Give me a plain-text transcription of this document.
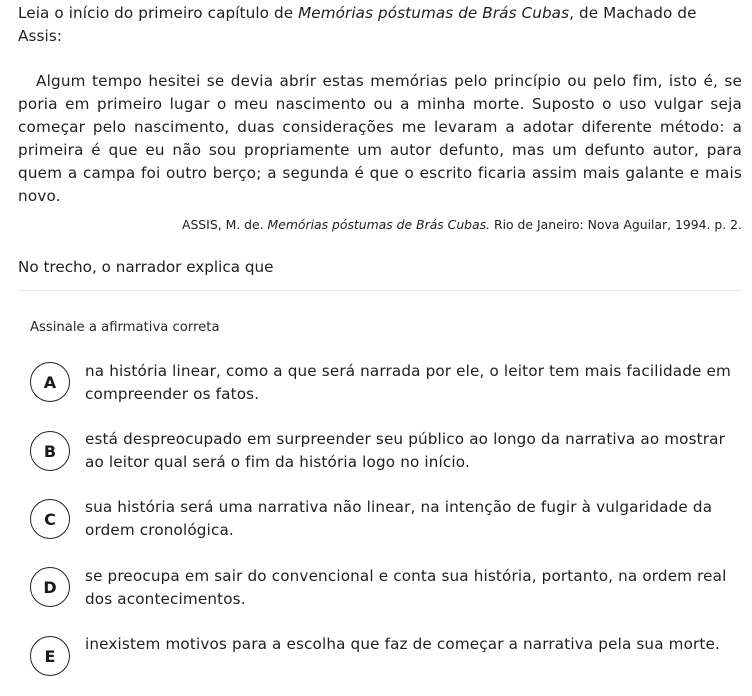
Leia o início do primeiro capítulo de Memórias póstumas de Brás Cubas, de Machado de Assis:

Algum tempo hesitei se devia abrir estas memórias pelo princípio ou pelo fim, isto é, se poria em primeiro lugar o meu nascimento ou a minha morte. Suposto o uso vulgar seja começar pelo nascimento, duas considerações me levaram a adotar diferente método: a primeira é que eu não sou propriamente um autor defunto, mas um defunto autor, para quem a campa foi outro berço; a segunda é que o escrito ficaria assim mais galante e mais novo.

ASSIS, M. de. Memórias póstumas de Brás Cubas. Rio de Janeiro: Nova Aguilar, 1994. p. 2.
No trecho, o narrador explica que
Assinale a afirmativa correta
A
na história linear, como a que será narrada por ele, o leitor tem mais facilidade em compreender os fatos.
B
está despreocupado em surpreender seu público ao longo da narrativa ao mostrar ao leitor qual será o fim da história logo no início.
C
sua história será uma narrativa não linear, na intenção de fugir à vulgaridade da ordem cronológica.
D
se preocupa em sair do convencional e conta sua história, portanto, na ordem real dos acontecimentos.
E
inexistem motivos para a escolha que faz de começar a narrativa pela sua morte.
